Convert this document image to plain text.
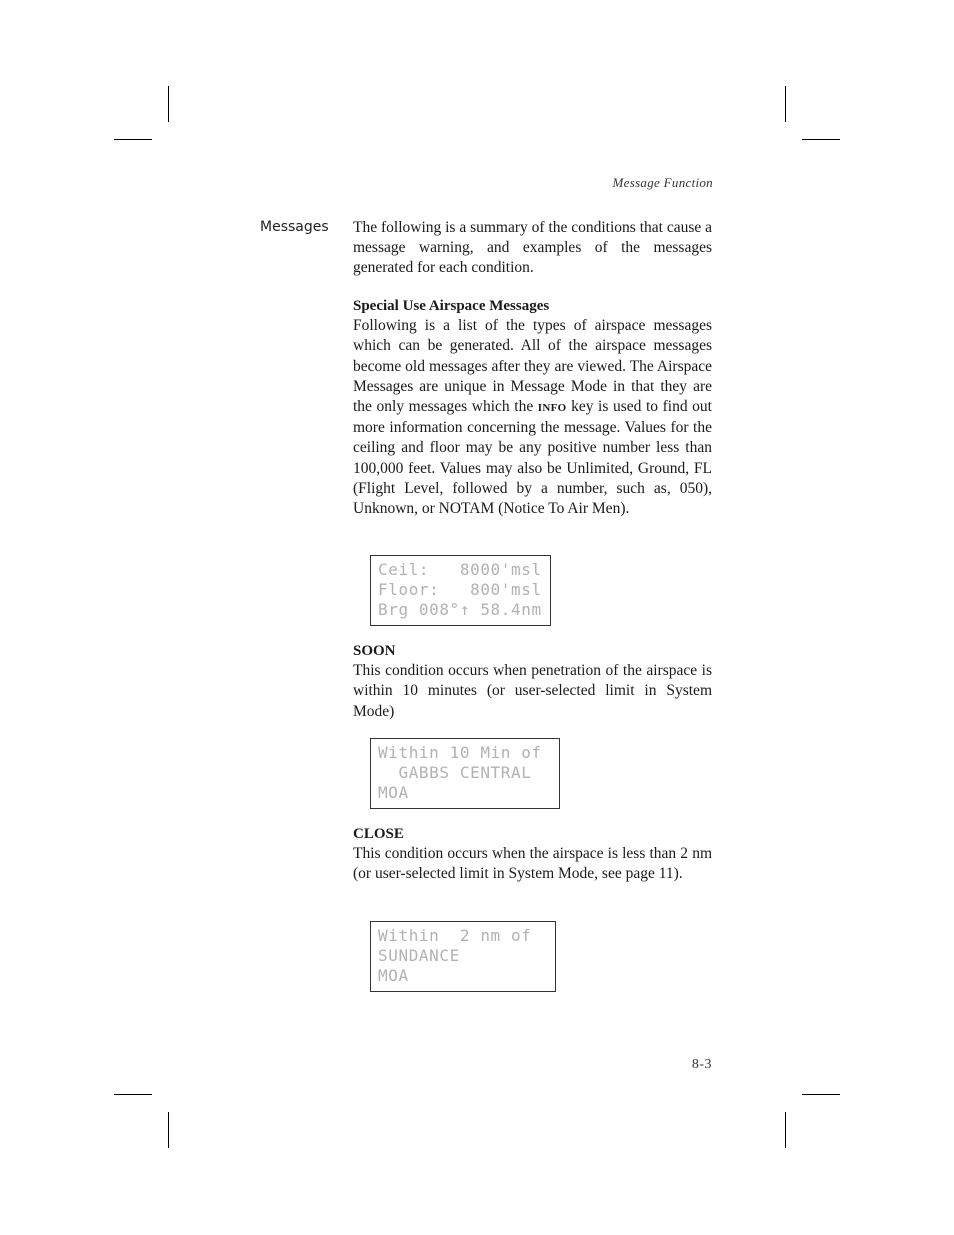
Message Function
Messages The following is a summary of the conditions that cause a message warning, and examples of the messages generated for each condition.

Special Use Airspace Messages

Following is a list of the types of airspace messages which can be generated. All of the airspace messages become old messages after they are viewed. The Airspace Messages are unique in Message Mode in that they are the only messages which the INFO key is used to find out more information concerning the message. Values for the ceiling and floor may be any positive number less than 100,000 feet. Values may also be Unlimited, Ground, FL (Flight Level, followed by a number, such as, 050), Unknown, or NOTAM (Notice To Air Men).

Ceil:   8000'msl
Floor:   800'msl
Brg 008°↑ 58.4nm

SOON

This condition occurs when penetration of the airspace is within 10 minutes (or user-selected limit in System Mode)

Within 10 Min of
GABBS CENTRAL
MOA

CLOSE

This condition occurs when the airspace is less than 2 nm (or user-selected limit in System Mode, see page 11).

Within  2 nm of
SUNDANCE
MOA
8-3
